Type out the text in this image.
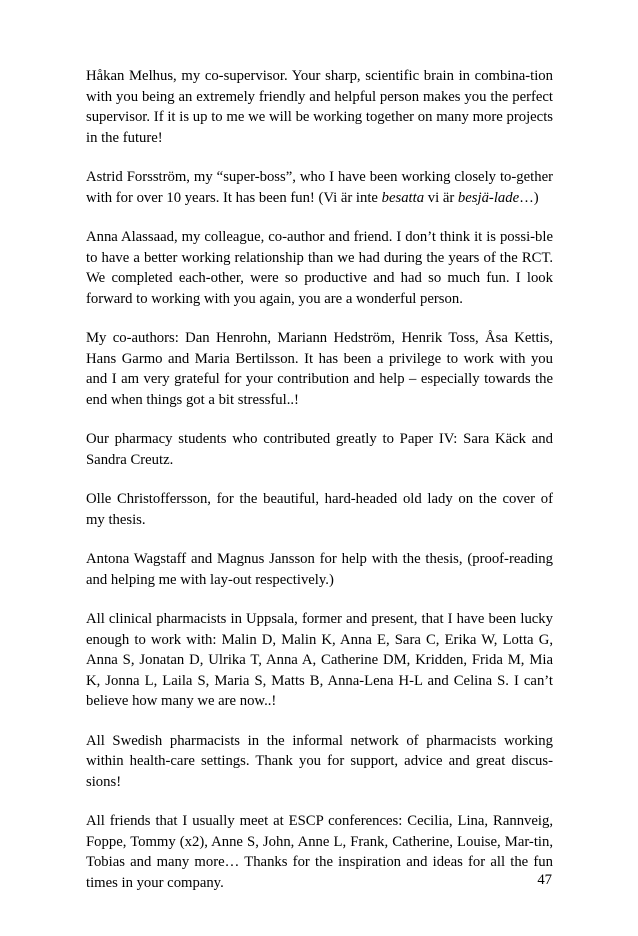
Håkan Melhus, my co-supervisor. Your sharp, scientific brain in combina-tion with you being an extremely friendly and helpful person makes you the perfect supervisor. If it is up to me we will be working together on many more projects in the future!

Astrid Forsström, my “super-boss”, who I have been working closely to-gether with for over 10 years. It has been fun! (Vi är inte besatta vi är besjä-lade…)

Anna Alassaad, my colleague, co-author and friend. I don’t think it is possi-ble to have a better working relationship than we had during the years of the RCT. We completed each-other, were so productive and had so much fun. I look forward to working with you again, you are a wonderful person.

My co-authors: Dan Henrohn, Mariann Hedström, Henrik Toss, Åsa Kettis, Hans Garmo and Maria Bertilsson. It has been a privilege to work with you and I am very grateful for your contribution and help – especially towards the end when things got a bit stressful..!

Our pharmacy students who contributed greatly to Paper IV: Sara Käck and Sandra Creutz.

Olle Christoffersson, for the beautiful, hard-headed old lady on the cover of my thesis.

Antona Wagstaff and Magnus Jansson for help with the thesis, (proof-reading and helping me with lay-out respectively.)

All clinical pharmacists in Uppsala, former and present, that I have been lucky enough to work with: Malin D, Malin K, Anna E, Sara C, Erika W, Lotta G, Anna S, Jonatan D, Ulrika T, Anna A, Catherine DM, Kridden, Frida M, Mia K, Jonna L, Laila S, Maria S, Matts B, Anna-Lena H-L and Celina S. I can’t believe how many we are now..!

All Swedish pharmacists in the informal network of pharmacists working within health-care settings. Thank you for support, advice and great discus-sions!

All friends that I usually meet at ESCP conferences: Cecilia, Lina, Rannveig, Foppe, Tommy (x2), Anne S, John, Anne L, Frank, Catherine, Louise, Mar-tin, Tobias and many more… Thanks for the inspiration and ideas for all the fun times in your company.	47
